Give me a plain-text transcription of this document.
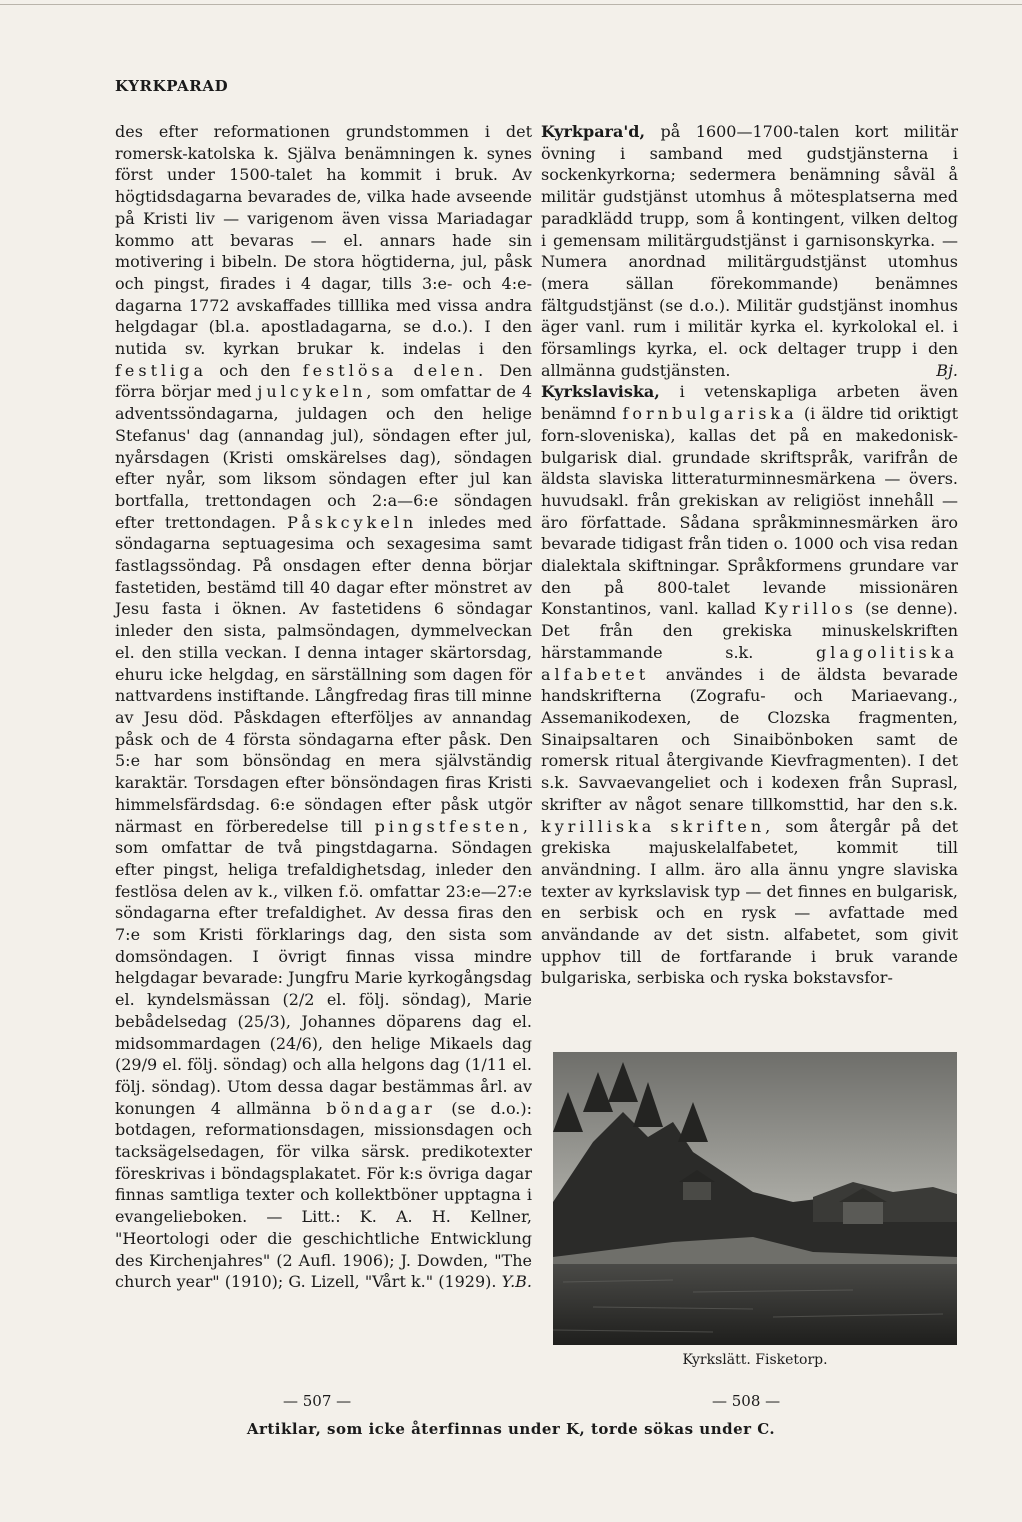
KYRKPARAD

des efter reformationen grundstommen i det romersk-katolska k. Själva benämningen k. synes först under 1500-talet ha kommit i bruk. Av högtidsdagarna bevarades de, vilka hade avseende på Kristi liv — varigenom även vissa Mariadagar kommo att bevaras — el. annars hade sin motivering i bibeln. De stora högtiderna, jul, påsk och pingst, firades i 4 dagar, tills 3:e- och 4:e-dagarna 1772 avskaffades tilllika med vissa andra helgdagar (bl.a. apostladagarna, se d.o.). I den nutida sv. kyrkan brukar k. indelas i den festliga och den festlösa delen. Den förra börjar med julcykeln, som omfattar de 4 adventssöndagarna, juldagen och den helige Stefanus' dag (annandag jul), söndagen efter jul, nyårsdagen (Kristi omskärelses dag), söndagen efter nyår, som liksom söndagen efter jul kan bortfalla, trettondagen och 2:a—6:e söndagen efter trettondagen. Påskcykeln inledes med söndagarna septuagesima och sexagesima samt fastlagssöndag. På onsdagen efter denna börjar fastetiden, bestämd till 40 dagar efter mönstret av Jesu fasta i öknen. Av fastetidens 6 söndagar inleder den sista, palmsöndagen, dymmelveckan el. den stilla veckan. I denna intager skärtorsdag, ehuru icke helgdag, en särställning som dagen för nattvardens instiftande. Långfredag firas till minne av Jesu död. Påskdagen efterföljes av annandag påsk och de 4 första söndagarna efter påsk. Den 5:e har som bönsöndag en mera självständig karaktär. Torsdagen efter bönsöndagen firas Kristi himmelsfärdsdag. 6:e söndagen efter påsk utgör närmast en förberedelse till pingstfesten, som omfattar de två pingstdagarna. Söndagen efter pingst, heliga trefaldighetsdag, inleder den festlösa delen av k., vilken f.ö. omfattar 23:e—27:e söndagarna efter trefaldighet. Av dessa firas den 7:e som Kristi förklarings dag, den sista som domsöndagen. I övrigt finnas vissa mindre helgdagar bevarade: Jungfru Marie kyrkogångsdag el. kyndelsmässan (2/2 el. följ. söndag), Marie bebådelsedag (25/3), Johannes döparens dag el. midsommardagen (24/6), den helige Mikaels dag (29/9 el. följ. söndag) och alla helgons dag (1/11 el. följ. söndag). Utom dessa dagar bestämmas årl. av konungen 4 allmänna böndagar (se d.o.): botdagen, reformationsdagen, missionsdagen och tacksägelsedagen, för vilka särsk. predikotexter föreskrivas i böndagsplakatet. För k:s övriga dagar finnas samtliga texter och kollektböner upptagna i evangelieboken. — Litt.: K. A. H. Kellner, "Heortologi oder die geschichtliche Entwicklung des Kirchenjahres" (2 Aufl. 1906); J. Dowden, "The church year" (1910); G. Lizell, "Vårt k." (1929). Y.B.

Kyrkpara'd, på 1600—1700-talen kort militär övning i samband med gudstjänsterna i sockenkyrkorna; sedermera benämning såväl å militär gudstjänst utomhus å mötesplatserna med paradklädd trupp, som å kontingent, vilken deltog i gemensam militärgudstjänst i garnisonskyrka. — Numera anordnad militärgudstjänst utomhus (mera sällan förekommande) benämnes fältgudstjänst (se d.o.). Militär gudstjänst inomhus äger vanl. rum i militär kyrka el. kyrkolokal el. i församlings kyrka, el. ock deltager trupp i den allmänna gudstjänsten.	Bj.

Kyrkslaviska, i vetenskapliga arbeten även benämnd fornbulgariska (i äldre tid oriktigt forn-sloveniska), kallas det på en makedonisk-bulgarisk dial. grundade skriftspråk, varifrån de äldsta slaviska litteraturminnesmärkena — övers. huvudsakl. från grekiskan av religiöst innehåll — äro författade. Sådana språkminnesmärken äro bevarade tidigast från tiden o. 1000 och visa redan dialektala skiftningar. Språkformens grundare var den på 800-talet levande missionären Konstantinos, vanl. kallad Kyrillos (se denne). Det från den grekiska minuskelskriften härstammande s.k.	glagolitiska alfabetet användes i de äldsta bevarade handskrifterna (Zografu- och Mariaevang., Assemanikodexen, de Clozska fragmenten, Sinaipsaltaren och Sinaibönboken samt de romersk ritual återgivande Kievfragmenten). I det s.k. Savvaevangeliet och i kodexen från Suprasl, skrifter av något senare tillkomsttid, har den s.k. kyrilliska skriften, som återgår på det grekiska majuskelalfabetet, kommit till användning. I allm. äro alla ännu yngre slaviska texter av kyrkslavisk typ — det finnes en bulgarisk, en serbisk och en rysk — avfattade med användande av det sistn. alfabetet, som givit upphov till de fortfarande i bruk varande bulgariska, serbiska och ryska bokstavsfor-

Kyrkslätt. Fisketorp.
— 507 —	— 508 —
Artiklar, som icke återfinnas under K, torde sökas under C.
